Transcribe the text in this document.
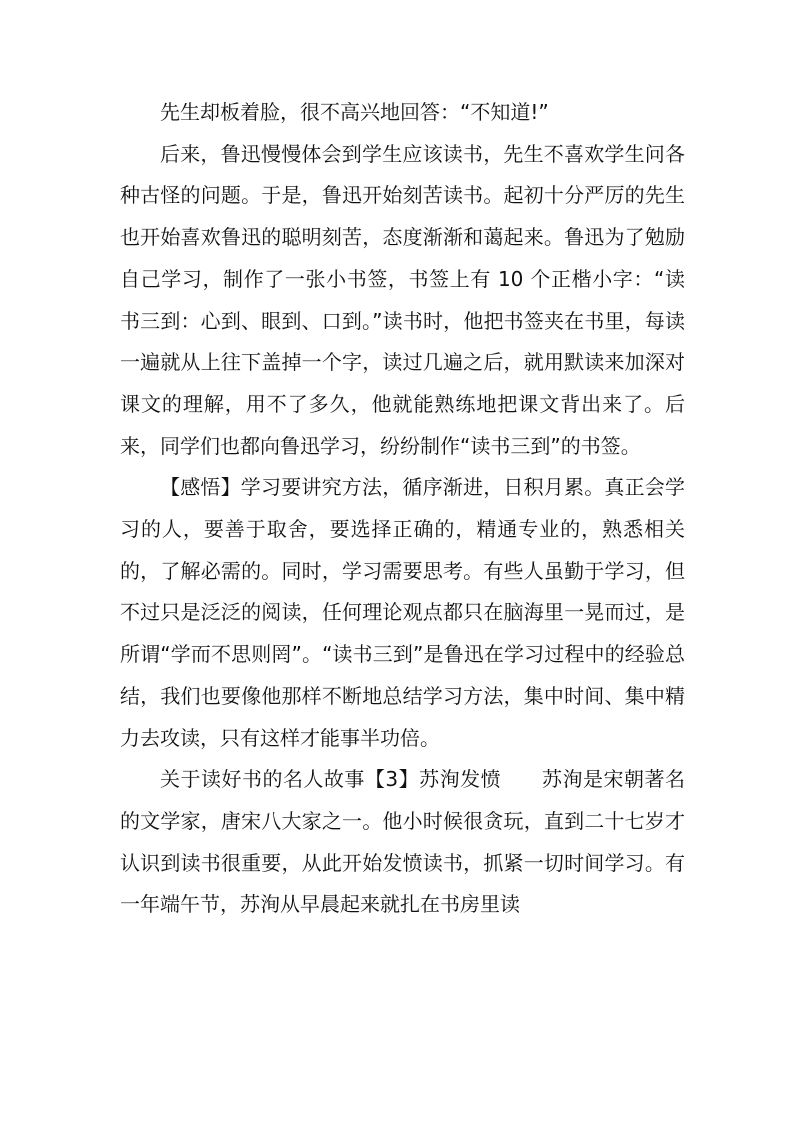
先生却板着脸，很不高兴地回答：“不知道!”

后来，鲁迅慢慢体会到学生应该读书，先生不喜欢学生问各种古怪的问题。于是，鲁迅开始刻苦读书。起初十分严厉的先生也开始喜欢鲁迅的聪明刻苦，态度渐渐和蔼起来。鲁迅为了勉励自己学习，制作了一张小书签，书签上有 10 个正楷小字：“读书三到：心到、眼到、口到。”读书时，他把书签夹在书里，每读一遍就从上往下盖掉一个字，读过几遍之后，就用默读来加深对课文的理解，用不了多久，他就能熟练地把课文背出来了。后来，同学们也都向鲁迅学习，纷纷制作“读书三到”的书签。

【感悟】学习要讲究方法，循序渐进，日积月累。真正会学习的人，要善于取舍，要选择正确的，精通专业的，熟悉相关的，了解必需的。同时，学习需要思考。有些人虽勤于学习，但不过只是泛泛的阅读，任何理论观点都只在脑海里一晃而过，是所谓“学而不思则罔”。“读书三到”是鲁迅在学习过程中的经验总结，我们也要像他那样不断地总结学习方法，集中时间、集中精力去攻读，只有这样才能事半功倍。

关于读好书的名人故事【3】苏洵发愤　　苏洵是宋朝著名的文学家，唐宋八大家之一。他小时候很贪玩，直到二十七岁才认识到读书很重要，从此开始发愤读书，抓紧一切时间学习。有一年端午节，苏洵从早晨起来就扎在书房里读
